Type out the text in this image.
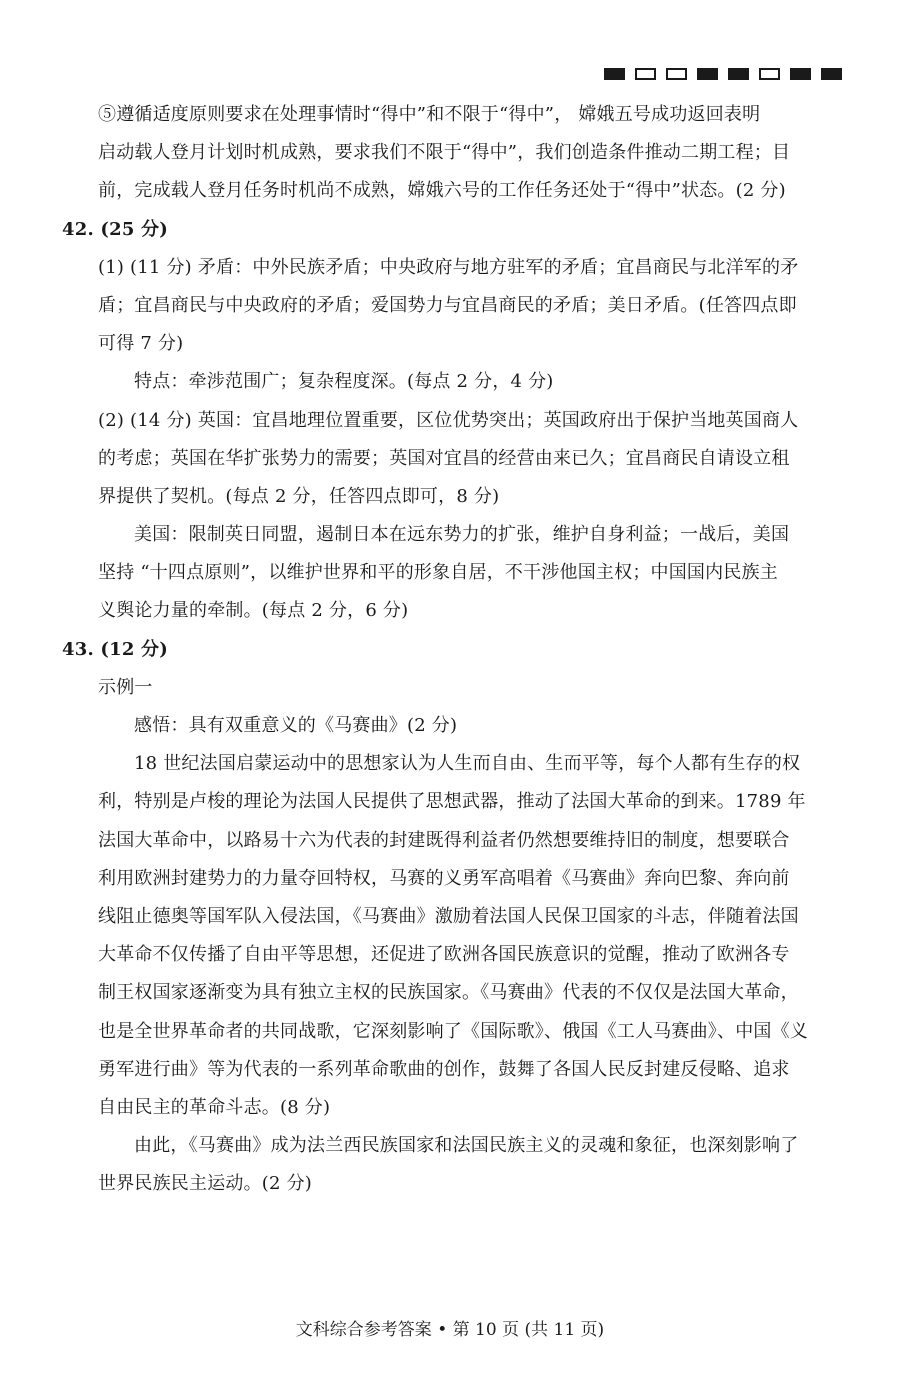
⑤遵循适度原则要求在处理事情时“得中”和不限于“得中”， 嫦娥五号成功返回表明
启动载人登月计划时机成熟，要求我们不限于“得中”，我们创造条件推动二期工程；目
前，完成载人登月任务时机尚不成熟，嫦娥六号的工作任务还处于“得中”状态。(2 分)
42. (25 分)
(1) (11 分) 矛盾：中外民族矛盾；中央政府与地方驻军的矛盾；宜昌商民与北洋军的矛
盾；宜昌商民与中央政府的矛盾；爱国势力与宜昌商民的矛盾；美日矛盾。(任答四点即
可得 7 分)
特点：牵涉范围广；复杂程度深。(每点 2 分，4 分)
(2) (14 分) 英国：宜昌地理位置重要，区位优势突出；英国政府出于保护当地英国商人
的考虑；英国在华扩张势力的需要；英国对宜昌的经营由来已久；宜昌商民自请设立租
界提供了契机。(每点 2 分，任答四点即可，8 分)
美国：限制英日同盟，遏制日本在远东势力的扩张，维护自身利益；一战后，美国
坚持 “十四点原则”，以维护世界和平的形象自居，不干涉他国主权；中国国内民族主
义舆论力量的牵制。(每点 2 分，6 分)
43. (12 分)
示例一
感悟：具有双重意义的《马赛曲》(2 分)
18 世纪法国启蒙运动中的思想家认为人生而自由、生而平等，每个人都有生存的权
利，特别是卢梭的理论为法国人民提供了思想武器，推动了法国大革命的到来。1789 年
法国大革命中，以路易十六为代表的封建既得利益者仍然想要维持旧的制度，想要联合
利用欧洲封建势力的力量夺回特权，马赛的义勇军高唱着《马赛曲》奔向巴黎、奔向前
线阻止德奥等国军队入侵法国，《马赛曲》激励着法国人民保卫国家的斗志，伴随着法国
大革命不仅传播了自由平等思想，还促进了欧洲各国民族意识的觉醒，推动了欧洲各专
制王权国家逐渐变为具有独立主权的民族国家。《马赛曲》代表的不仅仅是法国大革命，
也是全世界革命者的共同战歌，它深刻影响了《国际歌》、俄国《工人马赛曲》、中国《义
勇军进行曲》等为代表的一系列革命歌曲的创作，鼓舞了各国人民反封建反侵略、追求
自由民主的革命斗志。(8 分)
由此，《马赛曲》成为法兰西民族国家和法国民族主义的灵魂和象征，也深刻影响了
世界民族民主运动。(2 分)
文科综合参考答案 • 第 10 页 (共 11 页)
